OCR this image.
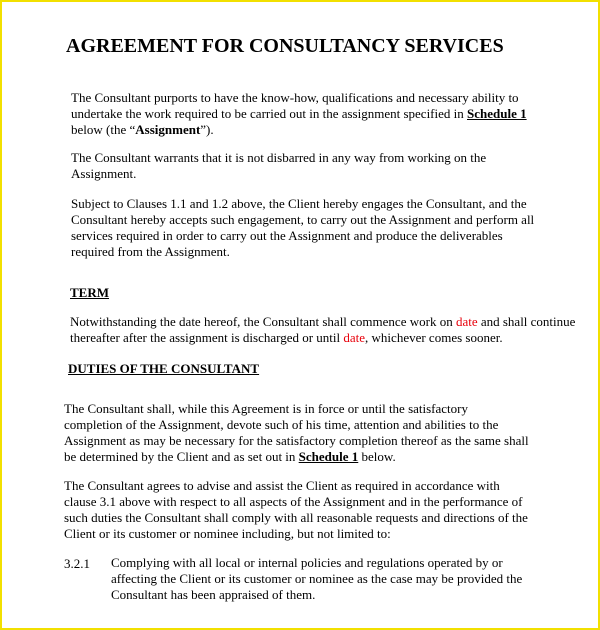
AGREEMENT FOR CONSULTANCY SERVICES
The Consultant purports to have the know-how, qualifications and necessary ability to
undertake the work required to be carried out in the assignment specified in Schedule 1
below (the “Assignment”).
The Consultant warrants that it is not disbarred in any way from working on the
Assignment.
Subject to Clauses 1.1 and 1.2 above, the Client hereby engages the Consultant, and the
Consultant hereby accepts such engagement, to carry out the Assignment and perform all
services required in order to carry out the Assignment and produce the deliverables
required from the Assignment.
TERM
Notwithstanding the date hereof, the Consultant shall commence work on date and shall continue
thereafter after the assignment is discharged or until date, whichever comes sooner.
DUTIES OF THE CONSULTANT
The Consultant shall, while this Agreement is in force or until the satisfactory
completion of the Assignment, devote such of his time, attention and abilities to the
Assignment as may be necessary for the satisfactory completion thereof as the same shall
be determined by the Client and as set out in Schedule 1 below.
The Consultant agrees to advise and assist the Client as required in accordance with
clause 3.1 above with respect to all aspects of the Assignment and in the performance of
such duties the Consultant shall comply with all reasonable requests and directions of the
Client or its customer or nominee including, but not limited to:
3.2.1 Complying with all local or internal policies and regulations operated by or
affecting the Client or its customer or nominee as the case may be provided the
Consultant has been appraised of them.
